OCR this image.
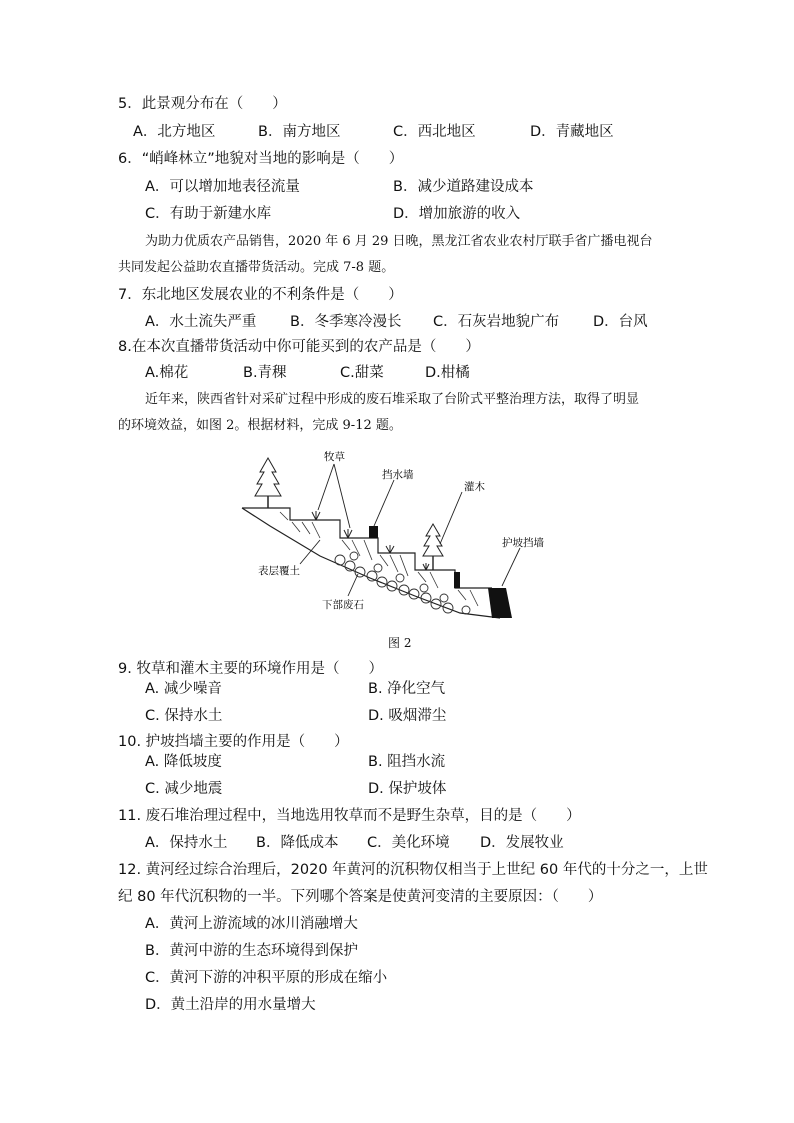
5．此景观分布在（　　）
A．北方地区	B．南方地区	C．西北地区	D．青藏地区
6．“峭峰林立”地貌对当地的影响是（　　）
A．可以增加地表径流量	B．减少道路建设成本
C．有助于新建水库	D．增加旅游的收入
为助力优质农产品销售，2020 年 6 月 29 日晚，黑龙江省农业农村厅联手省广播电视台
共同发起公益助农直播带货活动。完成 7-8 题。
7．东北地区发展农业的不利条件是（　　）
A．水土流失严重 B．冬季寒冷漫长 C．石灰岩地貌广布 D．台风
8.在本次直播带货活动中你可能买到的农产品是（　　）
A.棉花	B.青稞	C.甜菜	D.柑橘
近年来，陕西省针对采矿过程中形成的废石堆采取了台阶式平整治理方法，取得了明显
的环境效益，如图 2。根据材料，完成 9-12 题。
牧草
挡水墙
灌木
护坡挡墙
表层覆土
下部废石
图 2
9. 牧草和灌木主要的环境作用是（　　）
A. 减少噪音	B. 净化空气
C. 保持水土	D. 吸烟滞尘
10. 护坡挡墙主要的作用是（　　）
A. 降低坡度	B. 阻挡水流
C. 减少地震	D. 保护坡体
11. 废石堆治理过程中，当地选用牧草而不是野生杂草，目的是（　　）
A．保持水土 B．降低成本 C．美化环境 D．发展牧业
12. 黄河经过综合治理后，2020 年黄河的沉积物仅相当于上世纪 60 年代的十分之一，上世
纪 80 年代沉积物的一半。下列哪个答案是使黄河变清的主要原因：（　　）
A．黄河上游流域的冰川消融增大
B．黄河中游的生态环境得到保护
C．黄河下游的冲积平原的形成在缩小
D．黄土沿岸的用水量增大
